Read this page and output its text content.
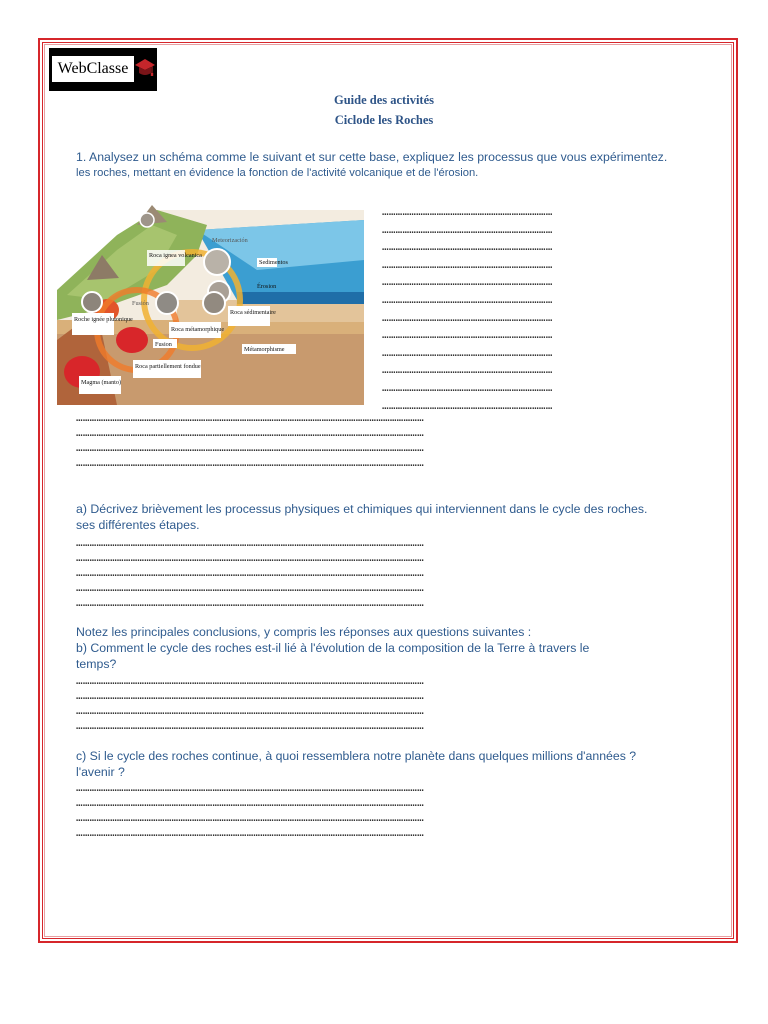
WebClasse
Guide des activités
Ciclode les Roches

1. Analysez un schéma comme le suivant et sur cette base, expliquez les processus que vous expérimentez.

les roches, mettant en évidence la fonction de l'activité volcanique et de l'érosion.

Roca ignea volcanica
Meteorización
Sedimentos
Érosion
Roca sédimentaire
Fusión
Roche ignée plutonique
Roca métamorphique
Fusion
Métamorphisme
Roca partiellement fondue
Magma (manto)
…………………………………………………………………
…………………………………………………………………
…………………………………………………………………
…………………………………………………………………
…………………………………………………………………
…………………………………………………………………
…………………………………………………………………
…………………………………………………………………
…………………………………………………………………
…………………………………………………………………
…………………………………………………………………
…………………………………………………………………
………………………………………………………………………………………………………………………………………
………………………………………………………………………………………………………………………………………
………………………………………………………………………………………………………………………………………
………………………………………………………………………………………………………………………………………

a) Décrivez brièvement les processus physiques et chimiques qui interviennent dans le cycle des roches.

ses différentes étapes.

………………………………………………………………………………………………………………………………………
………………………………………………………………………………………………………………………………………
………………………………………………………………………………………………………………………………………
………………………………………………………………………………………………………………………………………
………………………………………………………………………………………………………………………………………

Notez les principales conclusions, y compris les réponses aux questions suivantes :

b) Comment le cycle des roches est-il lié à l'évolution de la composition de la Terre à travers le

temps?

………………………………………………………………………………………………………………………………………
………………………………………………………………………………………………………………………………………
………………………………………………………………………………………………………………………………………
………………………………………………………………………………………………………………………………………

c) Si le cycle des roches continue, à quoi ressemblera notre planète dans quelques millions d'années ?

l'avenir ?

………………………………………………………………………………………………………………………………………
………………………………………………………………………………………………………………………………………
………………………………………………………………………………………………………………………………………
………………………………………………………………………………………………………………………………………
